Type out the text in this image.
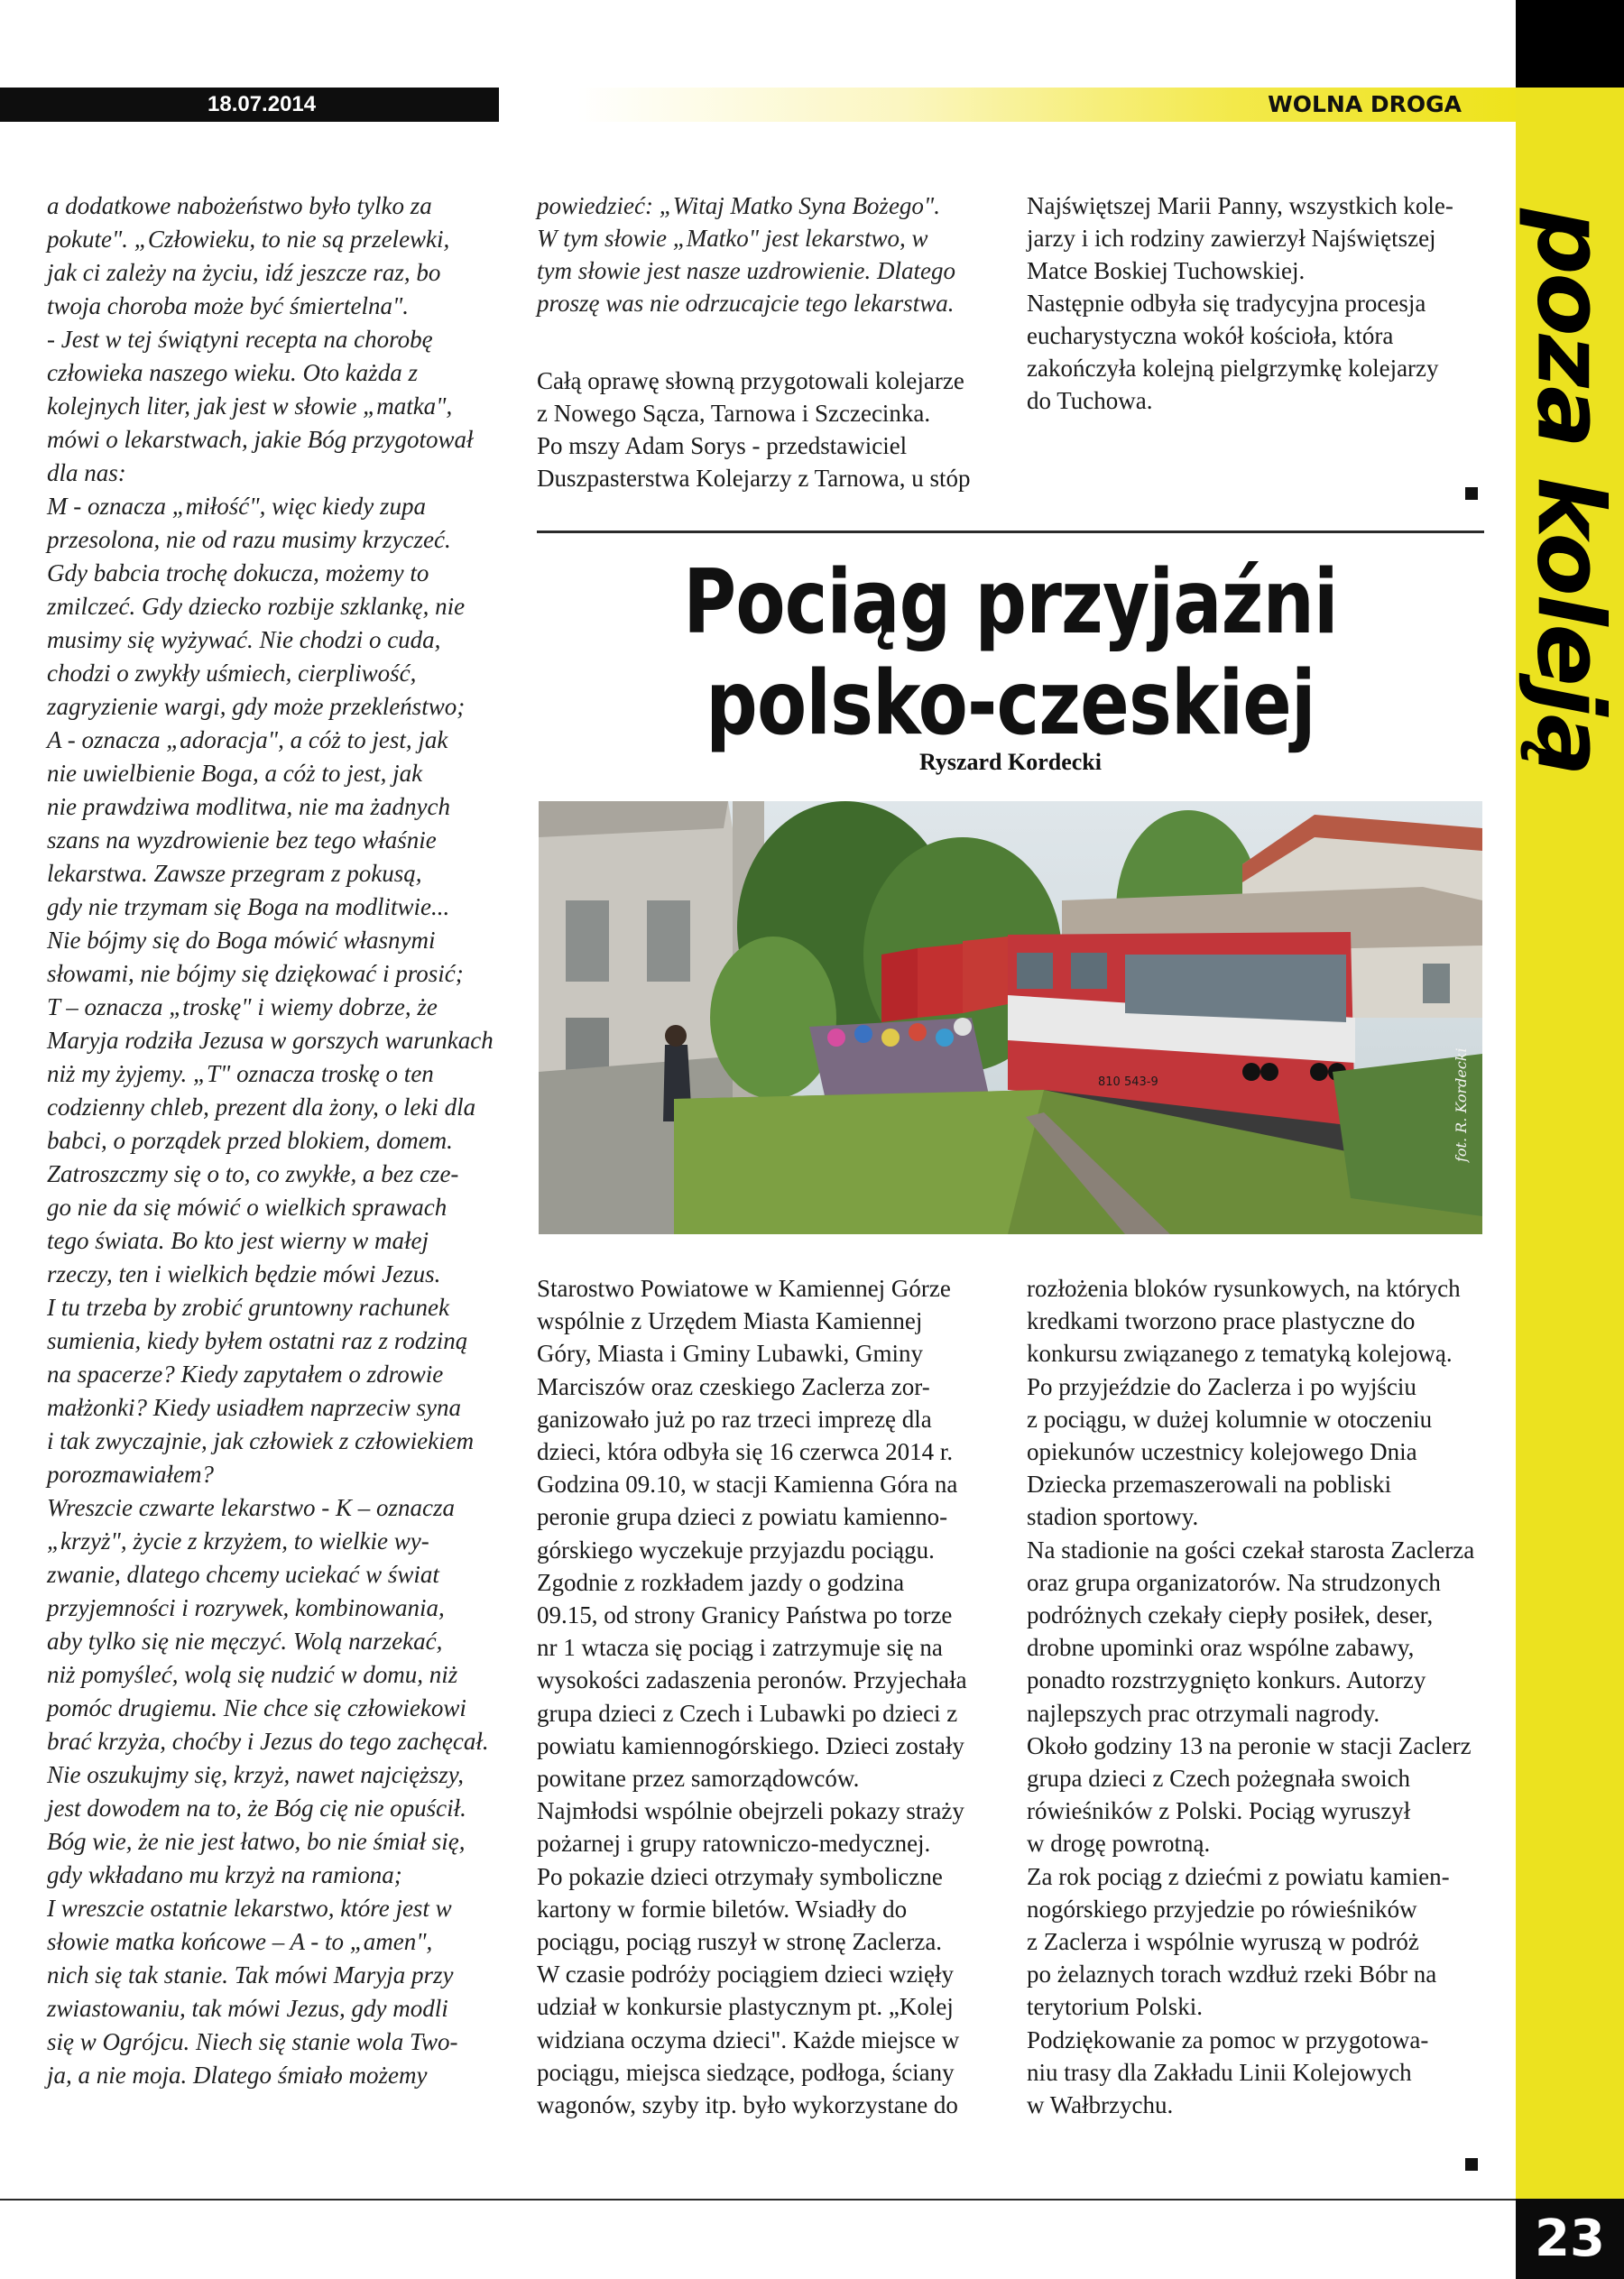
18.07.2014	WOLNA DROGA
poza koleją

a dodatkowe nabożeństwo było tylko za

pokute". „Człowieku, to nie są przelewki,

jak ci zależy na życiu, idź jeszcze raz, bo

twoja choroba może być śmiertelna".

- Jest w tej świątyni recepta na chorobę

człowieka naszego wieku. Oto każda z

kolejnych liter, jak jest w słowie „matka",

mówi o lekarstwach, jakie Bóg przygotował

dla nas:

M - oznacza „miłość", więc kiedy zupa

przesolona, nie od razu musimy krzyczeć.

Gdy babcia trochę dokucza, możemy to

zmilczeć. Gdy dziecko rozbije szklankę, nie

musimy się wyżywać. Nie chodzi o cuda,

chodzi o zwykły uśmiech, cierpliwość,

zagryzienie wargi, gdy może przekleństwo;

A - oznacza „adoracja", a cóż to jest, jak

nie uwielbienie Boga, a cóż to jest, jak

nie prawdziwa modlitwa, nie ma żadnych

szans na wyzdrowienie bez tego właśnie

lekarstwa. Zawsze przegram z pokusą,

gdy nie trzymam się Boga na modlitwie...

Nie bójmy się do Boga mówić własnymi

słowami, nie bójmy się dziękować i prosić;

T – oznacza „troskę" i wiemy dobrze, że

Maryja rodziła Jezusa w gorszych warunkach

niż my żyjemy. „T" oznacza troskę o ten

codzienny chleb, prezent dla żony, o leki dla

babci, o porządek przed blokiem, domem.

Zatroszczmy się o to, co zwykłe, a bez cze-

go nie da się mówić o wielkich sprawach

tego świata. Bo kto jest wierny w małej

rzeczy, ten i wielkich będzie mówi Jezus.

I tu trzeba by zrobić gruntowny rachunek

sumienia, kiedy byłem ostatni raz z rodziną

na spacerze? Kiedy zapytałem o zdrowie

małżonki? Kiedy usiadłem naprzeciw syna

i tak zwyczajnie, jak człowiek z człowiekiem

porozmawiałem?

Wreszcie czwarte lekarstwo - K – oznacza

„krzyż", życie z krzyżem, to wielkie wy-

zwanie, dlatego chcemy uciekać w świat

przyjemności i rozrywek, kombinowania,

aby tylko się nie męczyć. Wolą narzekać,

niż pomyśleć, wolą się nudzić w domu, niż

pomóc drugiemu. Nie chce się człowiekowi

brać krzyża, choćby i Jezus do tego zachęcał.

Nie oszukujmy się, krzyż, nawet najcięższy,

jest dowodem na to, że Bóg cię nie opuścił.

Bóg wie, że nie jest łatwo, bo nie śmiał się,

gdy wkładano mu krzyż na ramiona;

I wreszcie ostatnie lekarstwo, które jest w

słowie matka końcowe – A - to „amen",

nich się tak stanie. Tak mówi Maryja przy

zwiastowaniu, tak mówi Jezus, gdy modli

się w Ogrójcu. Niech się stanie wola Two-

ja, a nie moja. Dlatego śmiało możemy

powiedzieć: „Witaj Matko Syna Bożego".

W tym słowie „Matko" jest lekarstwo, w

tym słowie jest nasze uzdrowienie. Dlatego

proszę was nie odrzucajcie tego lekarstwa.

Całą oprawę słowną przygotowali kolejarze

z Nowego Sącza, Tarnowa i Szczecinka.

Po mszy Adam Sorys - przedstawiciel

Duszpasterstwa Kolejarzy z Tarnowa, u stóp

Najświętszej Marii Panny, wszystkich kole-

jarzy i ich rodziny zawierzył Najświętszej

Matce Boskiej Tuchowskiej.

Następnie odbyła się tradycyjna procesja

eucharystyczna wokół kościoła, która

zakończyła kolejną pielgrzymkę kolejarzy

do Tuchowa.

Pociąg przyjaźni
polsko-czeskiej
Ryszard Kordecki
810 543-9	fot. R. Kordecki

Starostwo Powiatowe w Kamiennej Górze

wspólnie z Urzędem Miasta Kamiennej

Góry, Miasta i Gminy Lubawki, Gminy

Marciszów oraz czeskiego Zaclerza zor-

ganizowało już po raz trzeci imprezę dla

dzieci, która odbyła się 16 czerwca 2014 r.

Godzina 09.10, w stacji Kamienna Góra na

peronie grupa dzieci z powiatu kamienno-

górskiego wyczekuje przyjazdu pociągu.

Zgodnie z rozkładem jazdy o godzina

09.15, od strony Granicy Państwa po torze

nr 1 wtacza się pociąg i zatrzymuje się na

wysokości zadaszenia peronów. Przyjechała

grupa dzieci z Czech i Lubawki po dzieci z

powiatu kamiennogórskiego. Dzieci zostały

powitane przez samorządowców.

Najmłodsi wspólnie obejrzeli pokazy straży

pożarnej i grupy ratowniczo-medycznej.

Po pokazie dzieci otrzymały symboliczne

kartony w formie biletów. Wsiadły do

pociągu, pociąg ruszył w stronę Zaclerza.

W czasie podróży pociągiem dzieci wzięły

udział w konkursie plastycznym pt. „Kolej

widziana oczyma dzieci". Każde miejsce w

pociągu, miejsca siedzące, podłoga, ściany

wagonów, szyby itp. było wykorzystane do

rozłożenia bloków rysunkowych, na których

kredkami tworzono prace plastyczne do

konkursu związanego z tematyką kolejową.

Po przyjeździe do Zaclerza i po wyjściu

z pociągu, w dużej kolumnie w otoczeniu

opiekunów uczestnicy kolejowego Dnia

Dziecka przemaszerowali na pobliski

stadion sportowy.

Na stadionie na gości czekał starosta Zaclerza

oraz grupa organizatorów. Na strudzonych

podróżnych czekały ciepły posiłek, deser,

drobne upominki oraz wspólne zabawy,

ponadto rozstrzygnięto konkurs. Autorzy

najlepszych prac otrzymali nagrody.

Około godziny 13 na peronie w stacji Zaclerz

grupa dzieci z Czech pożegnała swoich

rówieśników z Polski. Pociąg wyruszył

w drogę powrotną.

Za rok pociąg z dziećmi z powiatu kamien-

nogórskiego przyjedzie po rówieśników

z Zaclerza i wspólnie wyruszą w podróż

po żelaznych torach wzdłuż rzeki Bóbr na

terytorium Polski.

Podziękowanie za pomoc w przygotowa-

niu trasy dla Zakładu Linii Kolejowych

w Wałbrzychu.

23
